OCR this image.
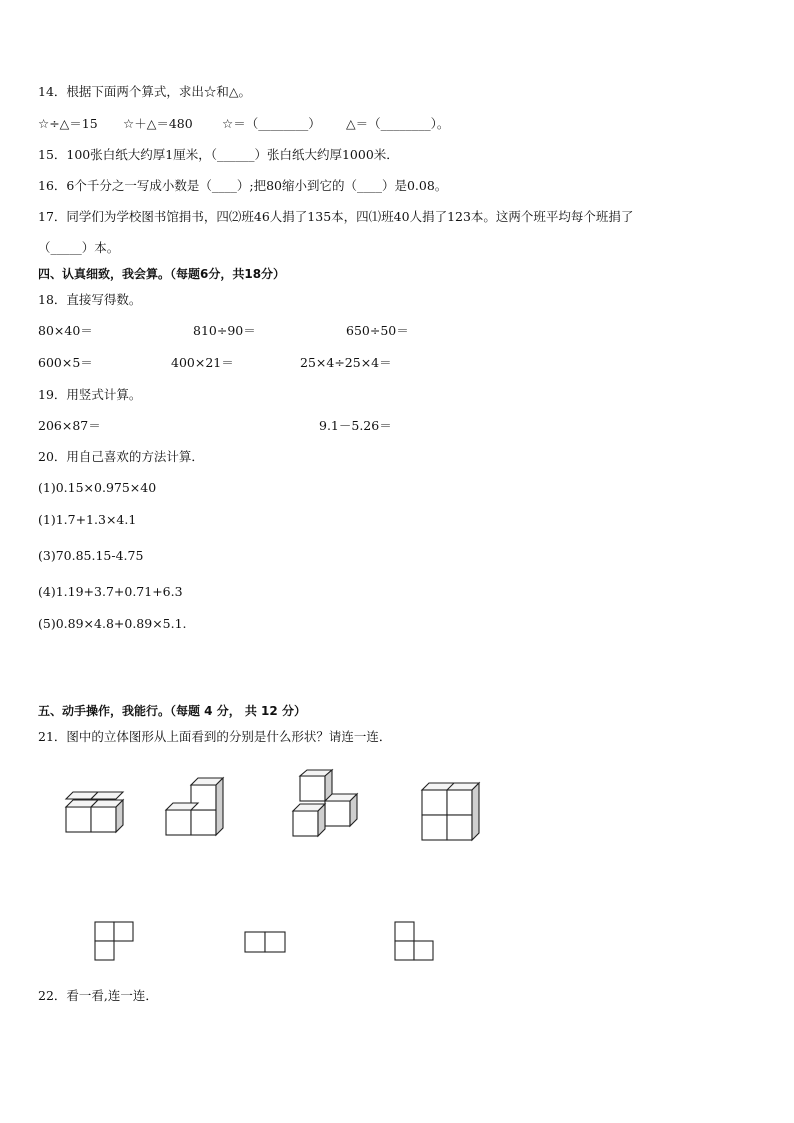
14．根据下面两个算式，求出☆和△。
☆÷△＝15 ☆＋△＝480 ☆＝（________） △＝（________）。
15．100张白纸大约厚1厘米，（______）张白纸大约厚1000米．
16．6个千分之一写成小数是（____）;把80缩小到它的（____）是0.08。
17．同学们为学校图书馆捐书，四⑵班46人捐了135本，四⑴班40人捐了123本。这两个班平均每个班捐了
（_____）本。
四、认真细致，我会算。（每题6分，共18分）
18．直接写得数。
80×40＝	810÷90＝	650÷50＝
600×5＝	400×21＝	25×4÷25×4＝
19．用竖式计算。
206×87＝	9.1－5.26＝
20．用自己喜欢的方法计算．
(1)0.15×0.975×40
(1)1.7+1.3×4.1
(3)70.85.15-4.75
(4)1.19+3.7+0.71+6.3
(5)0.89×4.8+0.89×5.1.
五、动手操作，我能行。（每题 4 分， 共 12 分）
21．图中的立体图形从上面看到的分别是什么形状？请连一连．
22．看一看,连一连．
